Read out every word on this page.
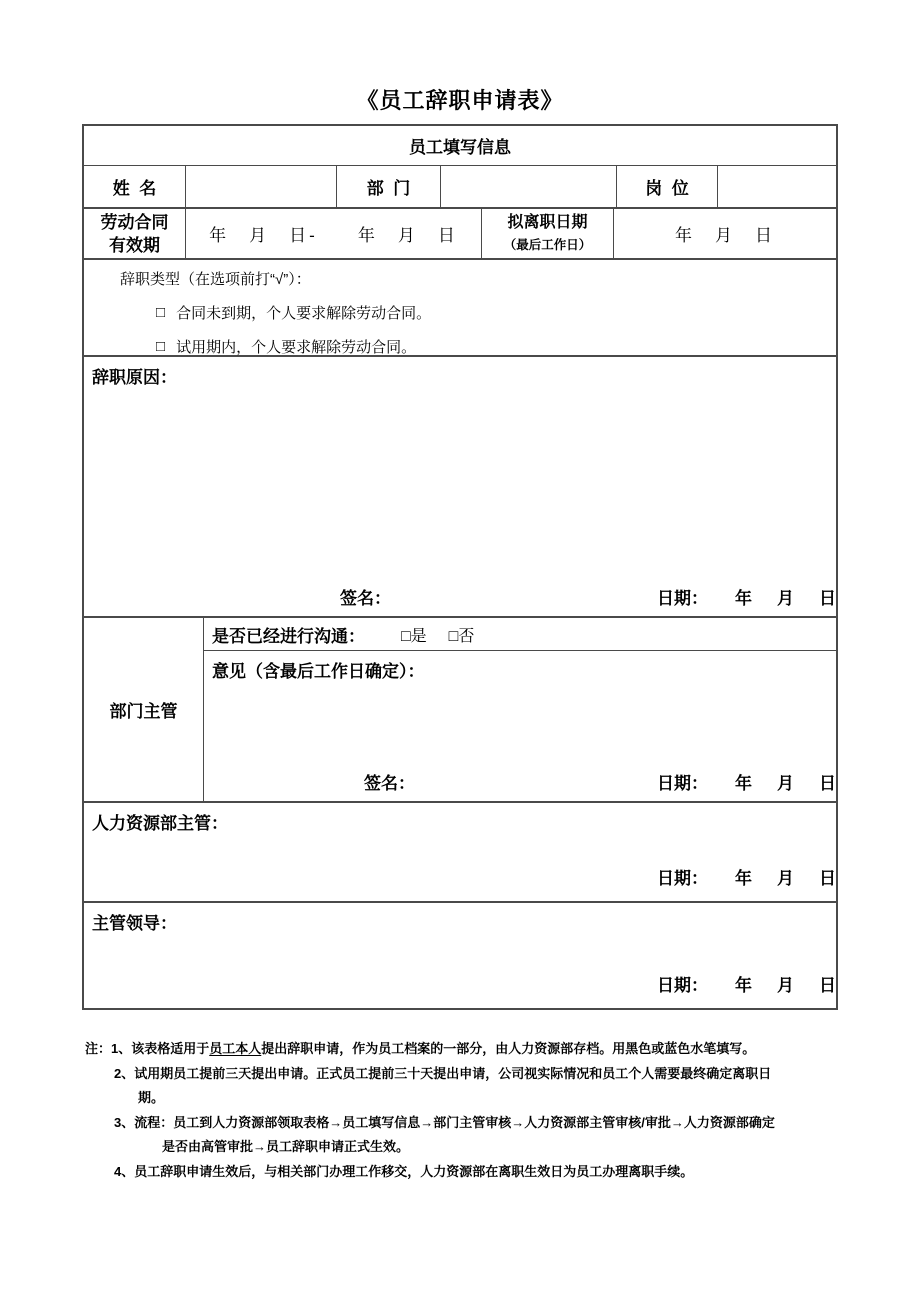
《员工辞职申请表》
员工填写信息
姓  名	部  门	岗  位
劳动合同
有效期	年　月　日-　　年　月　日
拟离职日期
（最后工作日）	年　月　日
辞职类型（在选项前打“√”）：
□ 合同未到期，个人要求解除劳动合同。
□ 试用期内，个人要求解除劳动合同。
辞职原因：
签名：	日期： 年　月　日
部门主管
是否已经进行沟通： □是 □否
意见（含最后工作日确定）：
签名：	日期： 年　月　日
人力资源部主管：
日期： 年　月　日
主管领导：
日期： 年　月　日
注：1、该表格适用于员工本人提出辞职申请，作为员工档案的一部分，由人力资源部存档。用黑色或蓝色水笔填写。
2、试用期员工提前三天提出申请。正式员工提前三十天提出申请，公司视实际情况和员工个人需要最终确定离职日
期。
3、流程：员工到人力资源部领取表格→员工填写信息→部门主管审核→人力资源部主管审核/审批→人力资源部确定
是否由高管审批→员工辞职申请正式生效。
4、员工辞职申请生效后，与相关部门办理工作移交，人力资源部在离职生效日为员工办理离职手续。
